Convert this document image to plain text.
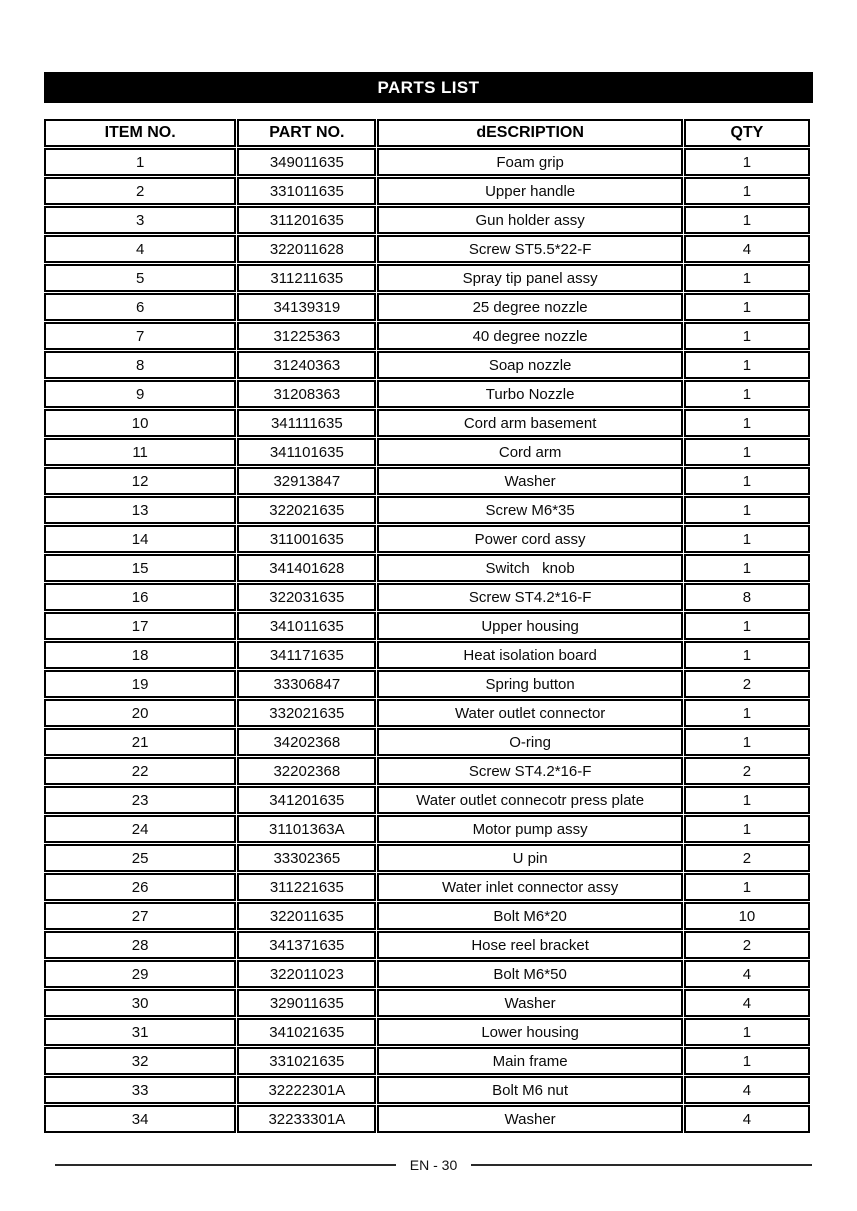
PARTS LIST
ITEM NO.	PART NO.	dESCRIPTION	QTY
1	349011635	Foam grip	1
2	331011635	Upper handle	1
3	311201635	Gun holder assy	1
4	322011628	Screw ST5.5*22-F	4
5	311211635	Spray tip panel assy	1
6	34139319	25 degree nozzle	1
7	31225363	40 degree nozzle	1
8	31240363	Soap nozzle	1
9	31208363	Turbo Nozzle	1
10	341111635	Cord arm basement	1
11	341101635	Cord arm	1
12	32913847	Washer	1
13	322021635	Screw M6*35	1
14	311001635	Power cord assy	1
15	341401628	Switch   knob	1
16	322031635	Screw ST4.2*16-F	8
17	341011635	Upper housing	1
18	341171635	Heat isolation board	1
19	33306847	Spring button	2
20	332021635	Water outlet connector	1
21	34202368	O-ring	1
22	32202368	Screw ST4.2*16-F	2
23	341201635	Water outlet connecotr press plate	1
24	31101363A	Motor pump assy	1
25	33302365	U pin	2
26	311221635	Water inlet connector assy	1
27	322011635	Bolt M6*20	10
28	341371635	Hose reel bracket	2
29	322011023	Bolt M6*50	4
30	329011635	Washer	4
31	341021635	Lower housing	1
32	331021635	Main frame	1
33	32222301A	Bolt M6 nut	4
34	32233301A	Washer	4
EN - 30
